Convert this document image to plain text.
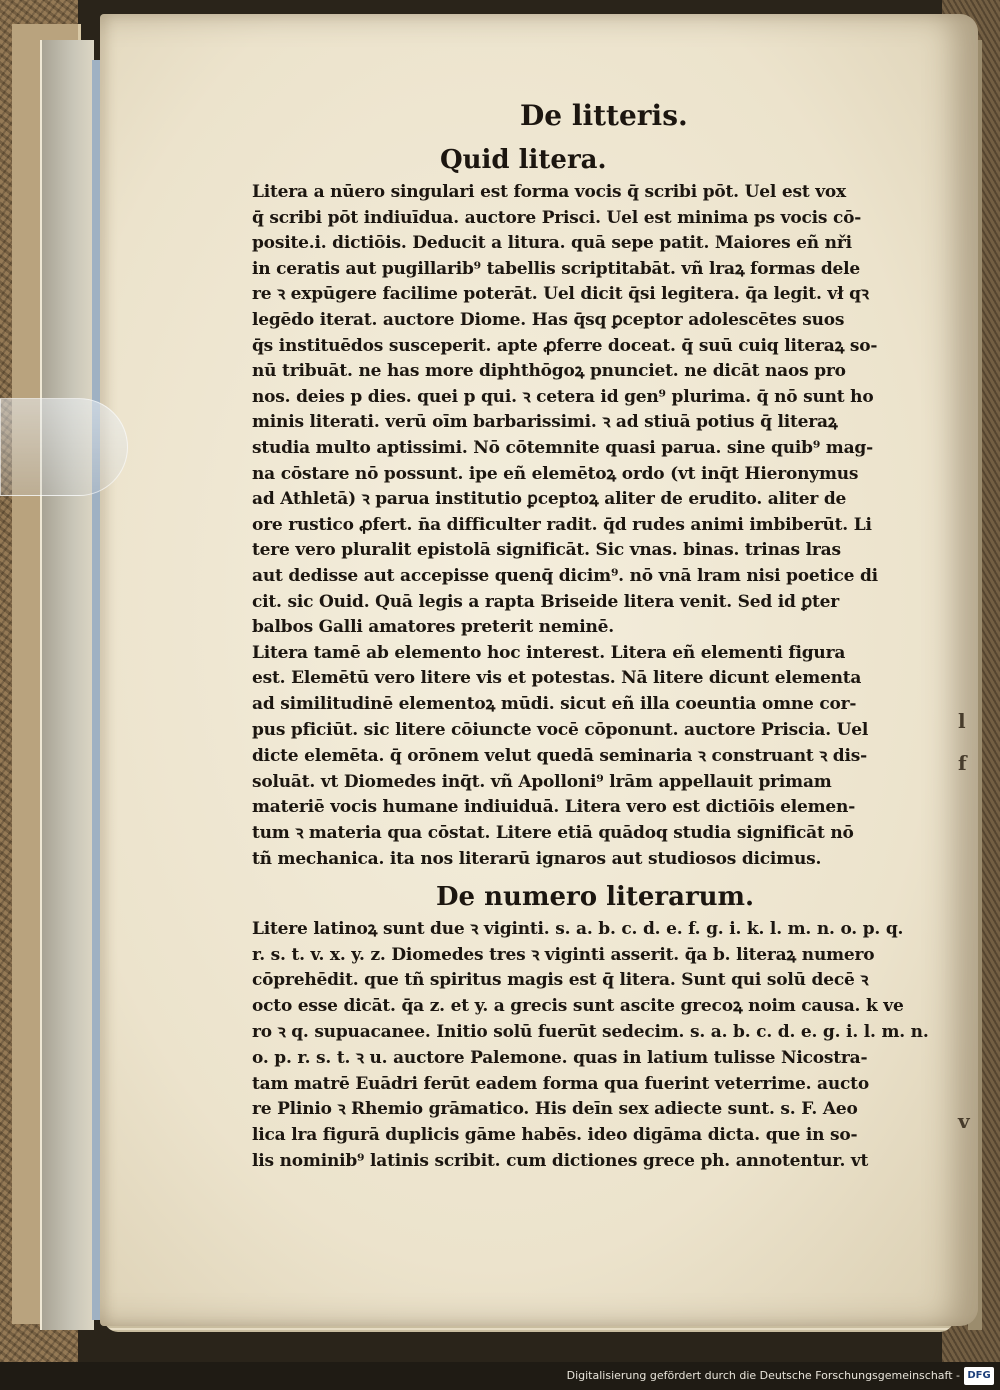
l
f
v
De litteris.
Quid litera.
Litera a nūero singulari est forma vocis q̄ scribi pōt. Uel est vox
q̄ scribi pōt indiuīdua. auctore Prisci. Uel est minima ps vocis cō-
posite.i. dictiōis. Deducit a litura. quā sepe patit. Maiores eñ nři
in ceratis aut pugillarib⁹ tabellis scriptitabāt. vñ lraꝝ formas dele
re ꝛ expūgere facilime poterāt. Uel dicit q̄si legitera. q̄a legit. vł qꝛ
legēdo iterat. auctore Diome. Has q̄sq ꝑceptor adolescētes suos
q̄s instituēdos susceperit. apte ꝓferre doceat. q̄ suū cuiq literaꝝ so-
nū tribuāt. ne has more diphthōgoꝝ pnunciet. ne dicāt naos pro
nos. deies p dies. quei p qui. ꝛ cetera id gen⁹ plurima. q̄ nō sunt ho
minis literati. verū oīm barbarissimi. ꝛ ad stiuā potius q̄ literaꝝ
studia multo aptissimi. Nō cōtemnite quasi parua. sine quib⁹ mag-
na cōstare nō possunt. ipe eñ elemētoꝝ ordo (vt inq̄t Hieronymus
ad Athletā) ꝛ parua institutio ꝑceptoꝝ aliter de erudito. aliter de
ore rustico ꝓfert. n̄a difficulter radit. q̄d rudes animi imbiberūt. Li
tere vero pluralit epistolā significāt. Sic vnas. binas. trinas lras
aut dedisse aut accepisse quenq̄ dicim⁹. nō vnā lram nisi poetice di
cit. sic Ouid. Quā legis a rapta Briseide litera venit. Sed id ꝑter
balbos Galli amatores preterit neminē.
Litera tamē ab elemento hoc interest. Litera eñ elementi figura
est. Elemētū vero litere vis et potestas. Nā litere dicunt elementa
ad similitudinē elementoꝝ mūdi. sicut eñ illa coeuntia omne cor-
pus pficiūt. sic litere cōiuncte vocē cōponunt. auctore Priscia. Uel
dicte elemēta. q̄ orōnem velut quedā seminaria ꝛ construant ꝛ dis-
soluāt. vt Diomedes inq̄t. vñ Apolloni⁹ lrām appellauit primam
materiē vocis humane indiuiduā. Litera vero est dictiōis elemen-
tum ꝛ materia qua cōstat. Litere etiā quādoq studia significāt nō
tñ mechanica. ita nos literarū ignaros aut studiosos dicimus.
De numero literarum.
Litere latinoꝝ sunt due ꝛ viginti. s. a. b. c. d. e. f. g. i. k. l. m. n. o. p. q.
r. s. t. v. x. y. z. Diomedes tres ꝛ viginti asserit. q̄a b. literaꝝ numero
cōprehēdit. que tñ spiritus magis est q̄ litera. Sunt qui solū decē ꝛ
octo esse dicāt. q̄a z. et y. a grecis sunt ascite grecoꝝ noim causa. k ve
ro ꝛ q. supuacanee. Initio solū fuerūt sedecim. s. a. b. c. d. e. g. i. l. m. n.
o. p. r. s. t. ꝛ u. auctore Palemone. quas in latium tulisse Nicostra-
tam matrē Euādri ferūt eadem forma qua fuerint veterrime. aucto
re Plinio ꝛ Rhemio grāmatico. His deīn sex adiecte sunt. s. F. Aeo
lica lra figurā duplicis gāme habēs. ideo digāma dicta. que in so-
lis nominib⁹ latinis scribit. cum dictiones grece ph. annotentur. vt
Digitalisierung gefördert durch die Deutsche Forschungsgemeinschaft - DFG
